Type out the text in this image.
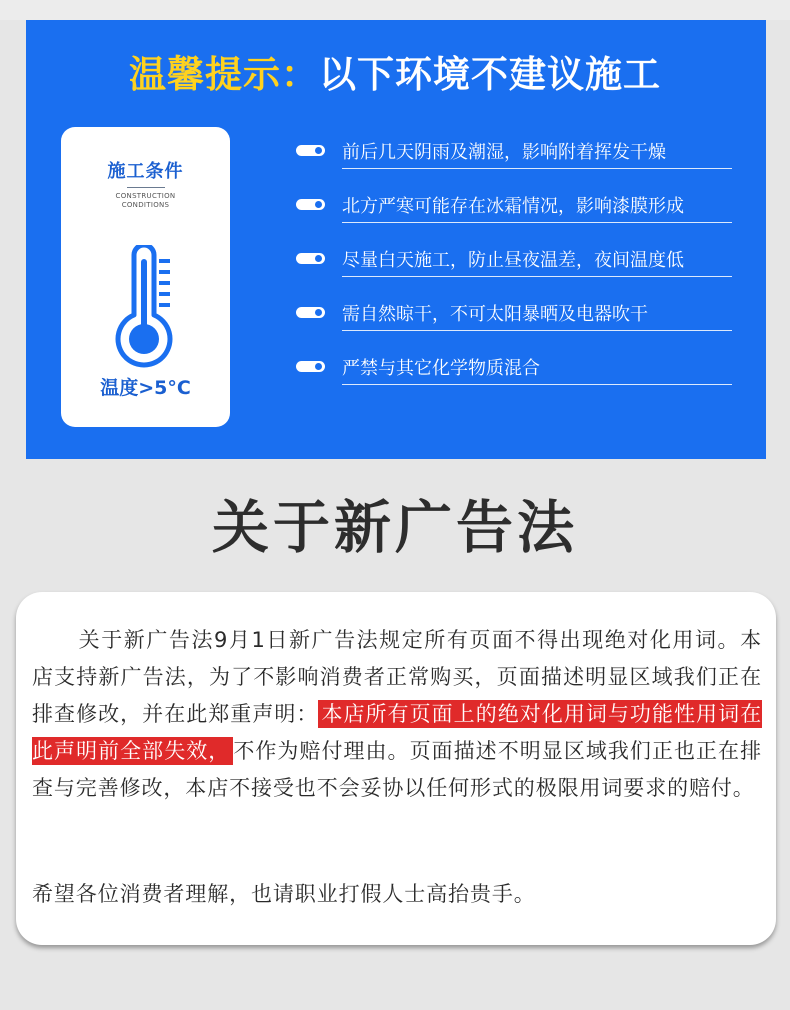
温馨提示：以下环境不建议施工
施工条件
CONSTRUCTION
CONDITIONS
温度>5°C
前后几天阴雨及潮湿，影响附着挥发干燥
北方严寒可能存在冰霜情况，影响漆膜形成
尽量白天施工，防止昼夜温差，夜间温度低
需自然晾干，不可太阳暴晒及电器吹干
严禁与其它化学物质混合
关于新广告法
关于新广告法9月1日新广告法规定所有页面不得出现绝对化用词。本店支持新广告法，为了不影响消费者正常购买，页面描述明显区域我们正在排查修改，并在此郑重声明： 本店所有页面上的绝对化用词与功能性用词在此声明前全部失效， 不作为赔付理由。页面描述不明显区域我们正也正在排查与完善修改，本店不接受也不会妥协以任何形式的极限用词要求的赔付。
希望各位消费者理解，也请职业打假人士高抬贵手。
